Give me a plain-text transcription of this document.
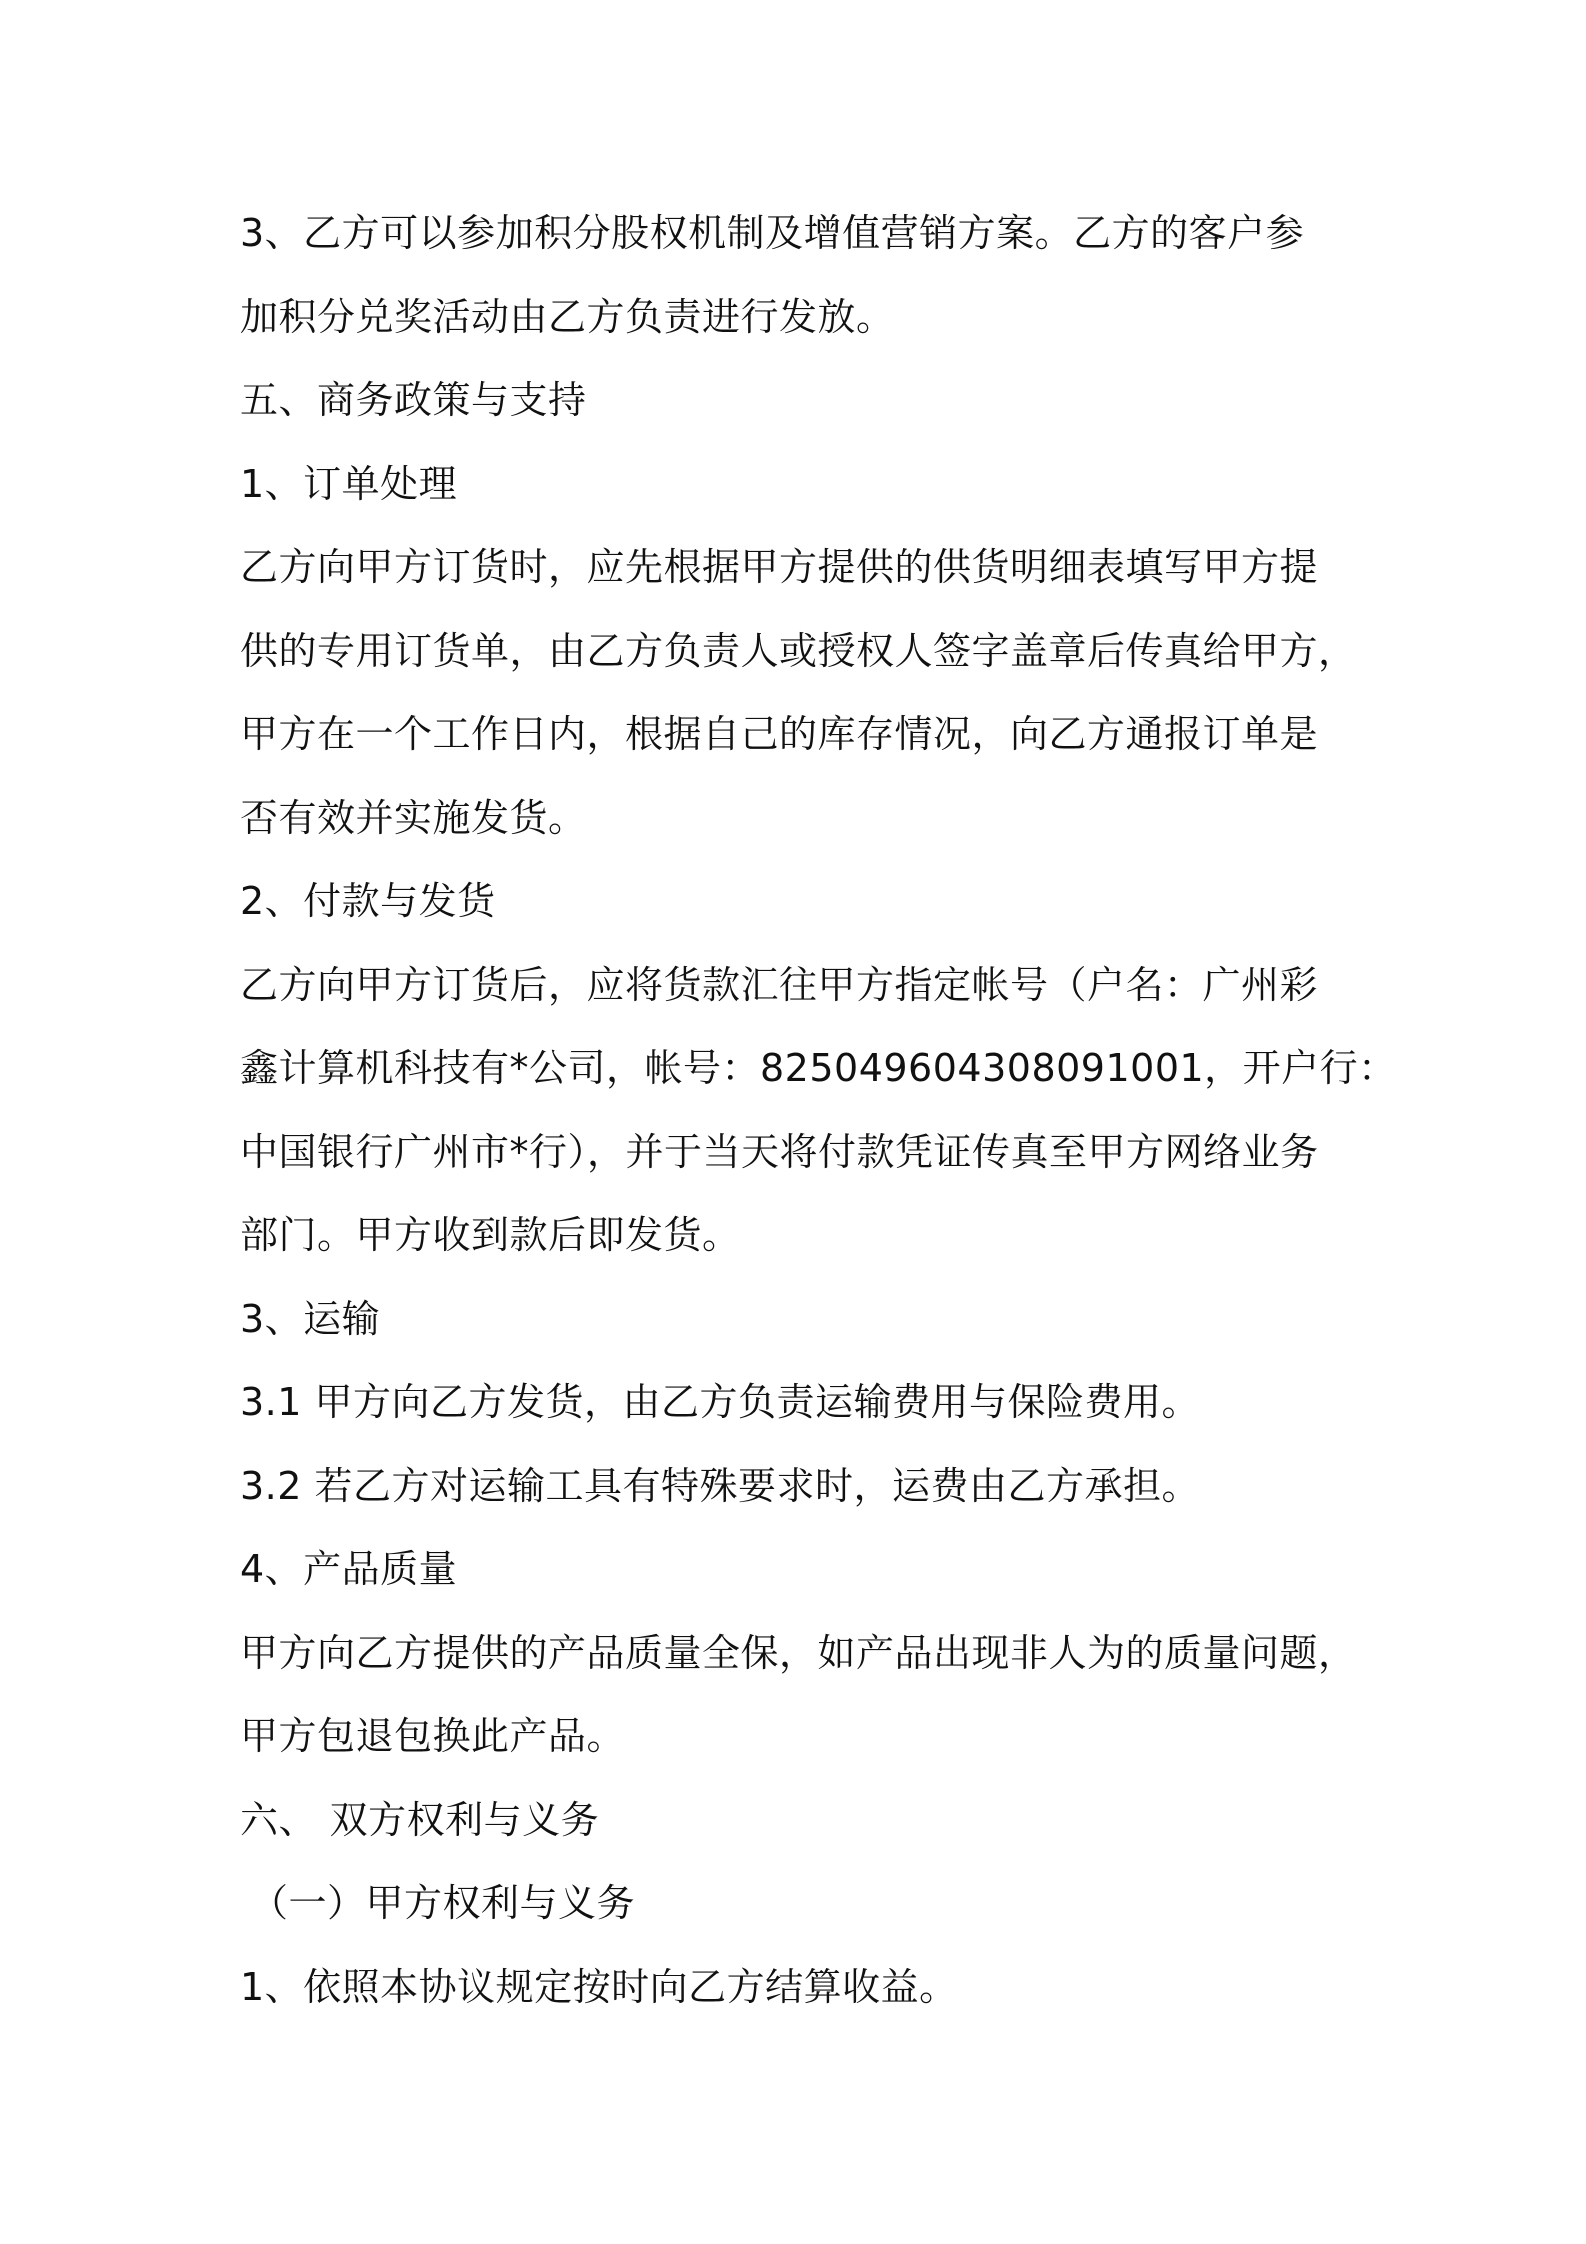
3、乙方可以参加积分股权机制及增值营销方案。乙方的客户参
加积分兑奖活动由乙方负责进行发放。
五、商务政策与支持
1、订单处理
乙方向甲方订货时，应先根据甲方提供的供货明细表填写甲方提
供的专用订货单，由乙方负责人或授权人签字盖章后传真给甲方，
甲方在一个工作日内，根据自己的库存情况，向乙方通报订单是
否有效并实施发货。
2、付款与发货
乙方向甲方订货后，应将货款汇往甲方指定帐号（户名：广州彩
鑫计算机科技有*公司，帐号：825049604308091001，开户行：
中国银行广州市*行），并于当天将付款凭证传真至甲方网络业务
部门。甲方收到款后即发货。
3、运输
3.1 甲方向乙方发货，由乙方负责运输费用与保险费用。
3.2 若乙方对运输工具有特殊要求时，运费由乙方承担。
4、产品质量
甲方向乙方提供的产品质量全保，如产品出现非人为的质量问题，
甲方包退包换此产品。
六、 双方权利与义务
（一）甲方权利与义务
1、依照本协议规定按时向乙方结算收益。
